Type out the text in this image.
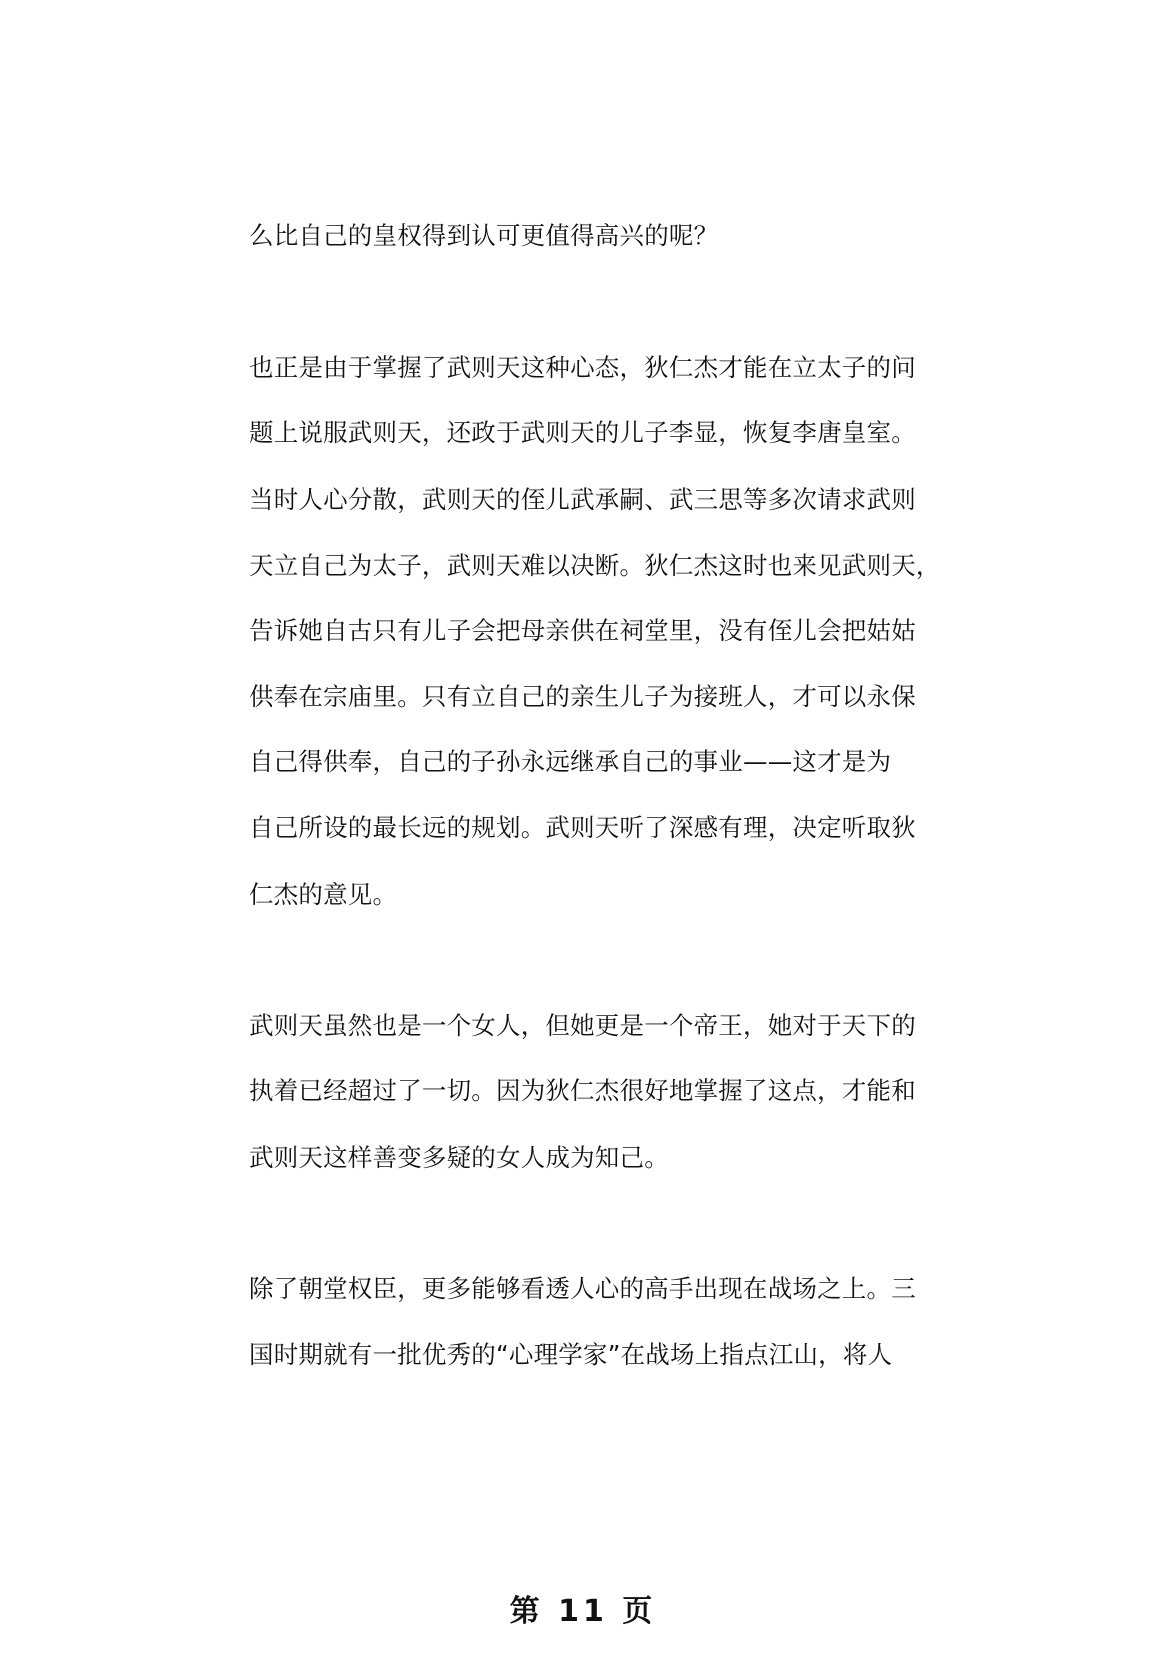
么比自己的皇权得到认可更值得高兴的呢？
也正是由于掌握了武则天这种心态，狄仁杰才能在立太子的问
题上说服武则天，还政于武则天的儿子李显，恢复李唐皇室。
当时人心分散，武则天的侄儿武承嗣、武三思等多次请求武则
天立自己为太子，武则天难以决断。狄仁杰这时也来见武则天，
告诉她自古只有儿子会把母亲供在祠堂里，没有侄儿会把姑姑
供奉在宗庙里。只有立自己的亲生儿子为接班人，才可以永保
自己得供奉，自己的子孙永远继承自己的事业——这才是为
自己所设的最长远的规划。武则天听了深感有理，决定听取狄
仁杰的意见。
武则天虽然也是一个女人，但她更是一个帝王，她对于天下的
执着已经超过了一切。因为狄仁杰很好地掌握了这点，才能和
武则天这样善变多疑的女人成为知己。
除了朝堂权臣，更多能够看透人心的高手出现在战场之上。三
国时期就有一批优秀的“心理学家”在战场上指点江山，将人
第 11 页
